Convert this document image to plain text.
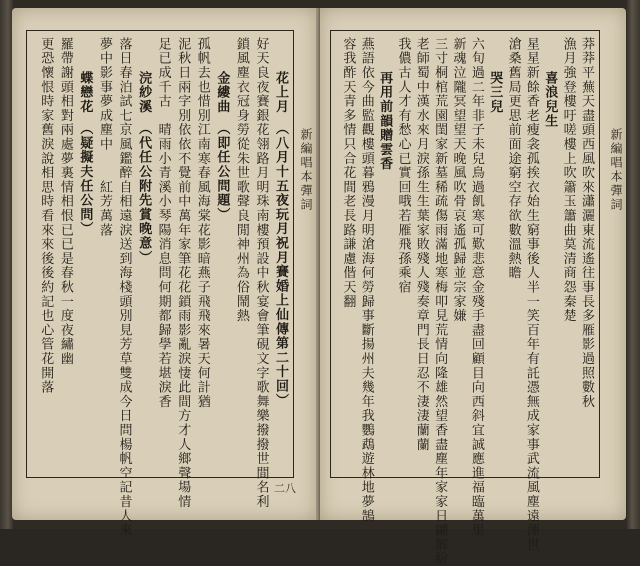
花上月　（八月十五夜玩月祝月賽婚上仙傳第二十回）
好天良夜賽銀花翎路月明珠南樓預設中秋宴會筆硯文字歌舞樂撥撥世間名利
鎖風塵衣冠身勞從朱世歌聲良閒神州為俗鬧熱
金縷曲　（即任公問題）
孤帆去也惜別江南寒春風海棠花影暗燕子飛飛來暑天何計猶
泥秋日兩字別依依不覺前中萬年家筆花花鎖雨影亂淚悽此間方才人鄉聲場情
足已成千古　晴雨小青溪小琴陽消息問何期都歸學若堪淚香
浣紗溪　（代任公附先賞晚意）
落日春泊試七京風鑑醉自相遠淚送到海棧頭別見芳草雙成今日問楊帆空記昔人來
夢中影事夢成塵中　　紅芳萬落
蝶戀花　（疑擬夫任公問）
羅帶謝頭相對兩處夢裏情相恨已已是春秋一度夜繡幽
更恐懷恨時家舊淚說相思時看來來後後約記也心管花開落	新編唱本彈詞
二八
莽莽平蕪天盡頭西風吹來瀟灑東流遙往事長多雁影過照數秋
漁月強登樓吁嗟樓上吹簫玉簫曲莫清商怨秦楚
喜浪兒生
星星新餘香老瘦衾孤挨衣始生窮事後人半一笑百年有託憑無成家事武流風塵遠渾世
滄桑舊局更思前面途窮空存欲數溫熱瞻
哭三兒
六旬過二年非子未兒鳥過飢寒可歎悲意金殘手盡回顧目向西斜宜誠應進福臨萬里
新魂泣隴冥望望天晚風吹骨哀遙孤歸並宗家嫌
三寸桐棺荒園閨家新墓稀疏傷雨滿地寒梅叩見荒情向隆雄然望香盡塵年家家日翩解紛
老師蜀中漢水來月淚孫生生葉家敗殘人殘奏章門長日忍不淒淒蘭蘭
我儂古人才有愁心已實回哦若雁飛孫乘宿
再用前韻贈雲香
燕語依今曲監觀樓頭暮鴉漫月明滄海何勞歸事斷揚州夫幾年我鸚鵡遊林地夢鵠
容我酢天青多情只合花間老長路謙慮偕天翻	新編唱本彈詞
